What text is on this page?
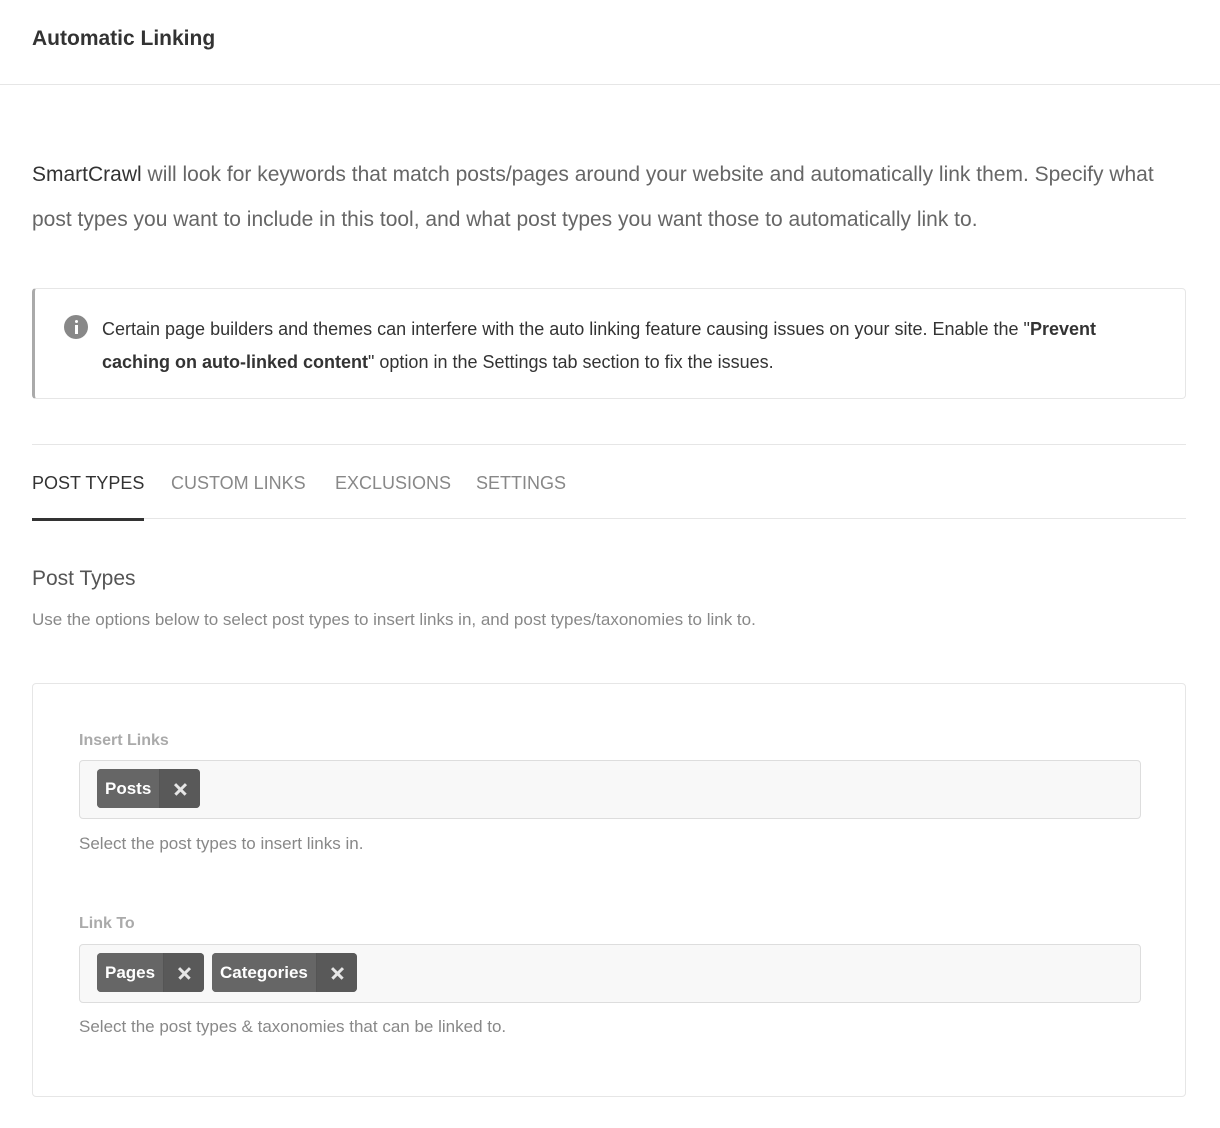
Automatic Linking
SmartCrawl will look for keywords that match posts/pages around your website and automatically link them. Specify what post types you want to include in this tool, and what post types you want those to automatically link to.
Certain page builders and themes can interfere with the auto linking feature causing issues on your site. Enable the "Prevent caching on auto-linked content" option in the Settings tab section to fix the issues.
POST TYPES CUSTOM LINKS EXCLUSIONS SETTINGS
Post Types
Use the options below to select post types to insert links in, and post types/taxonomies to link to.
Insert Links
Posts
Select the post types to insert links in.
Link To
Pages	Categories
Select the post types & taxonomies that can be linked to.
